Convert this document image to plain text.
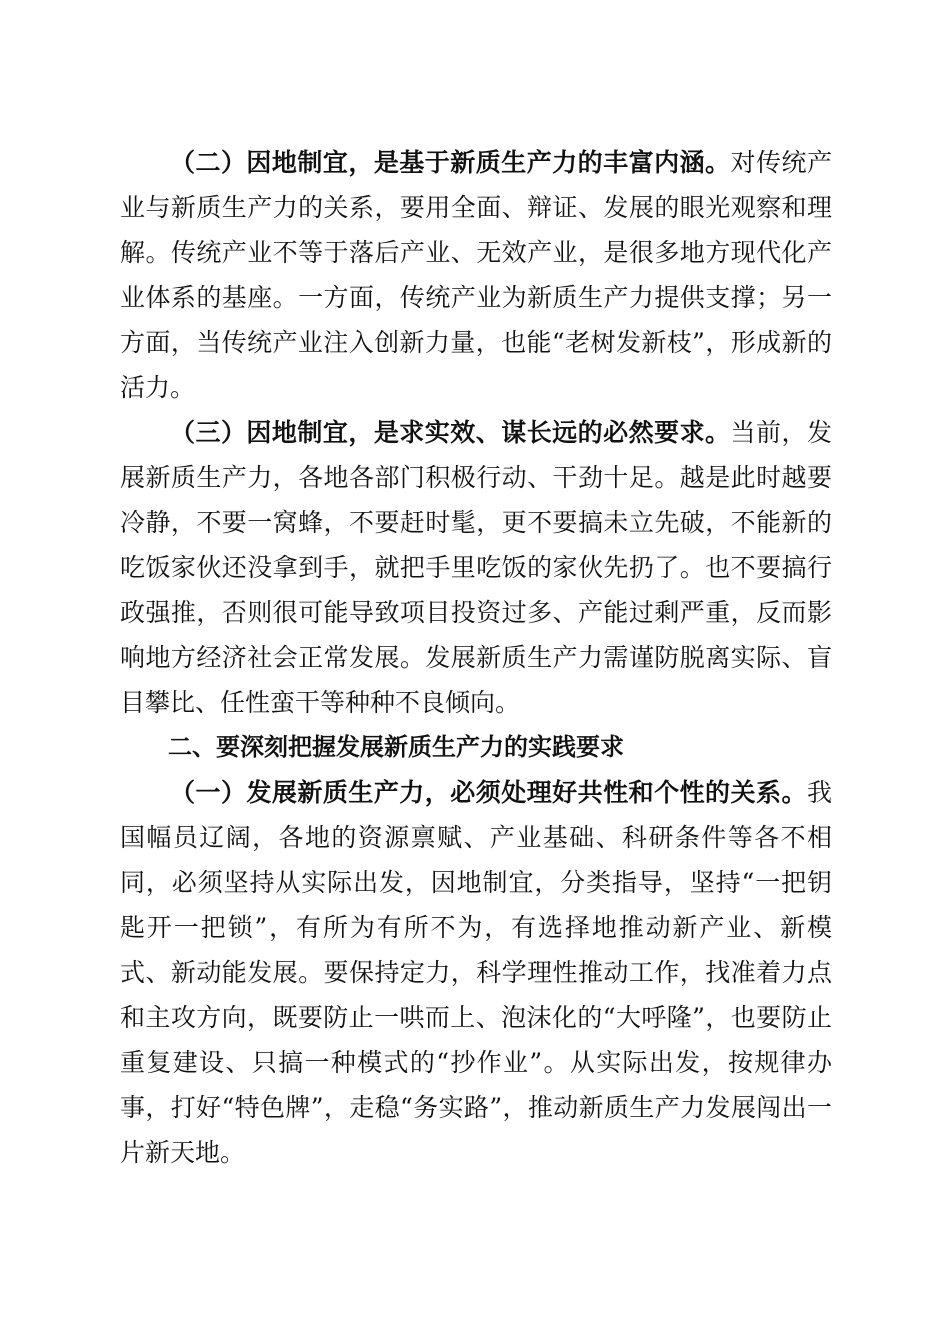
（二）因地制宜，是基于新质生产力的丰富内涵。对传统产业与新质生产力的关系，要用全面、辩证、发展的眼光观察和理解。传统产业不等于落后产业、无效产业，是很多地方现代化产业体系的基座。一方面，传统产业为新质生产力提供支撑；另一方面，当传统产业注入创新力量，也能“老树发新枝”，形成新的活力。

（三）因地制宜，是求实效、谋长远的必然要求。当前，发展新质生产力，各地各部门积极行动、干劲十足。越是此时越要冷静，不要一窝蜂，不要赶时髦，更不要搞未立先破，不能新的吃饭家伙还没拿到手，就把手里吃饭的家伙先扔了。也不要搞行政强推，否则很可能导致项目投资过多、产能过剩严重，反而影响地方经济社会正常发展。发展新质生产力需谨防脱离实际、盲目攀比、任性蛮干等种种不良倾向。

二、要深刻把握发展新质生产力的实践要求

（一）发展新质生产力，必须处理好共性和个性的关系。我国幅员辽阔，各地的资源禀赋、产业基础、科研条件等各不相同，必须坚持从实际出发，因地制宜，分类指导，坚持“一把钥匙开一把锁”，有所为有所不为，有选择地推动新产业、新模式、新动能发展。要保持定力，科学理性推动工作，找准着力点和主攻方向，既要防止一哄而上、泡沫化的“大呼隆”，也要防止重复建设、只搞一种模式的“抄作业”。从实际出发，按规律办事，打好“特色牌”，走稳“务实路”，推动新质生产力发展闯出一片新天地。
